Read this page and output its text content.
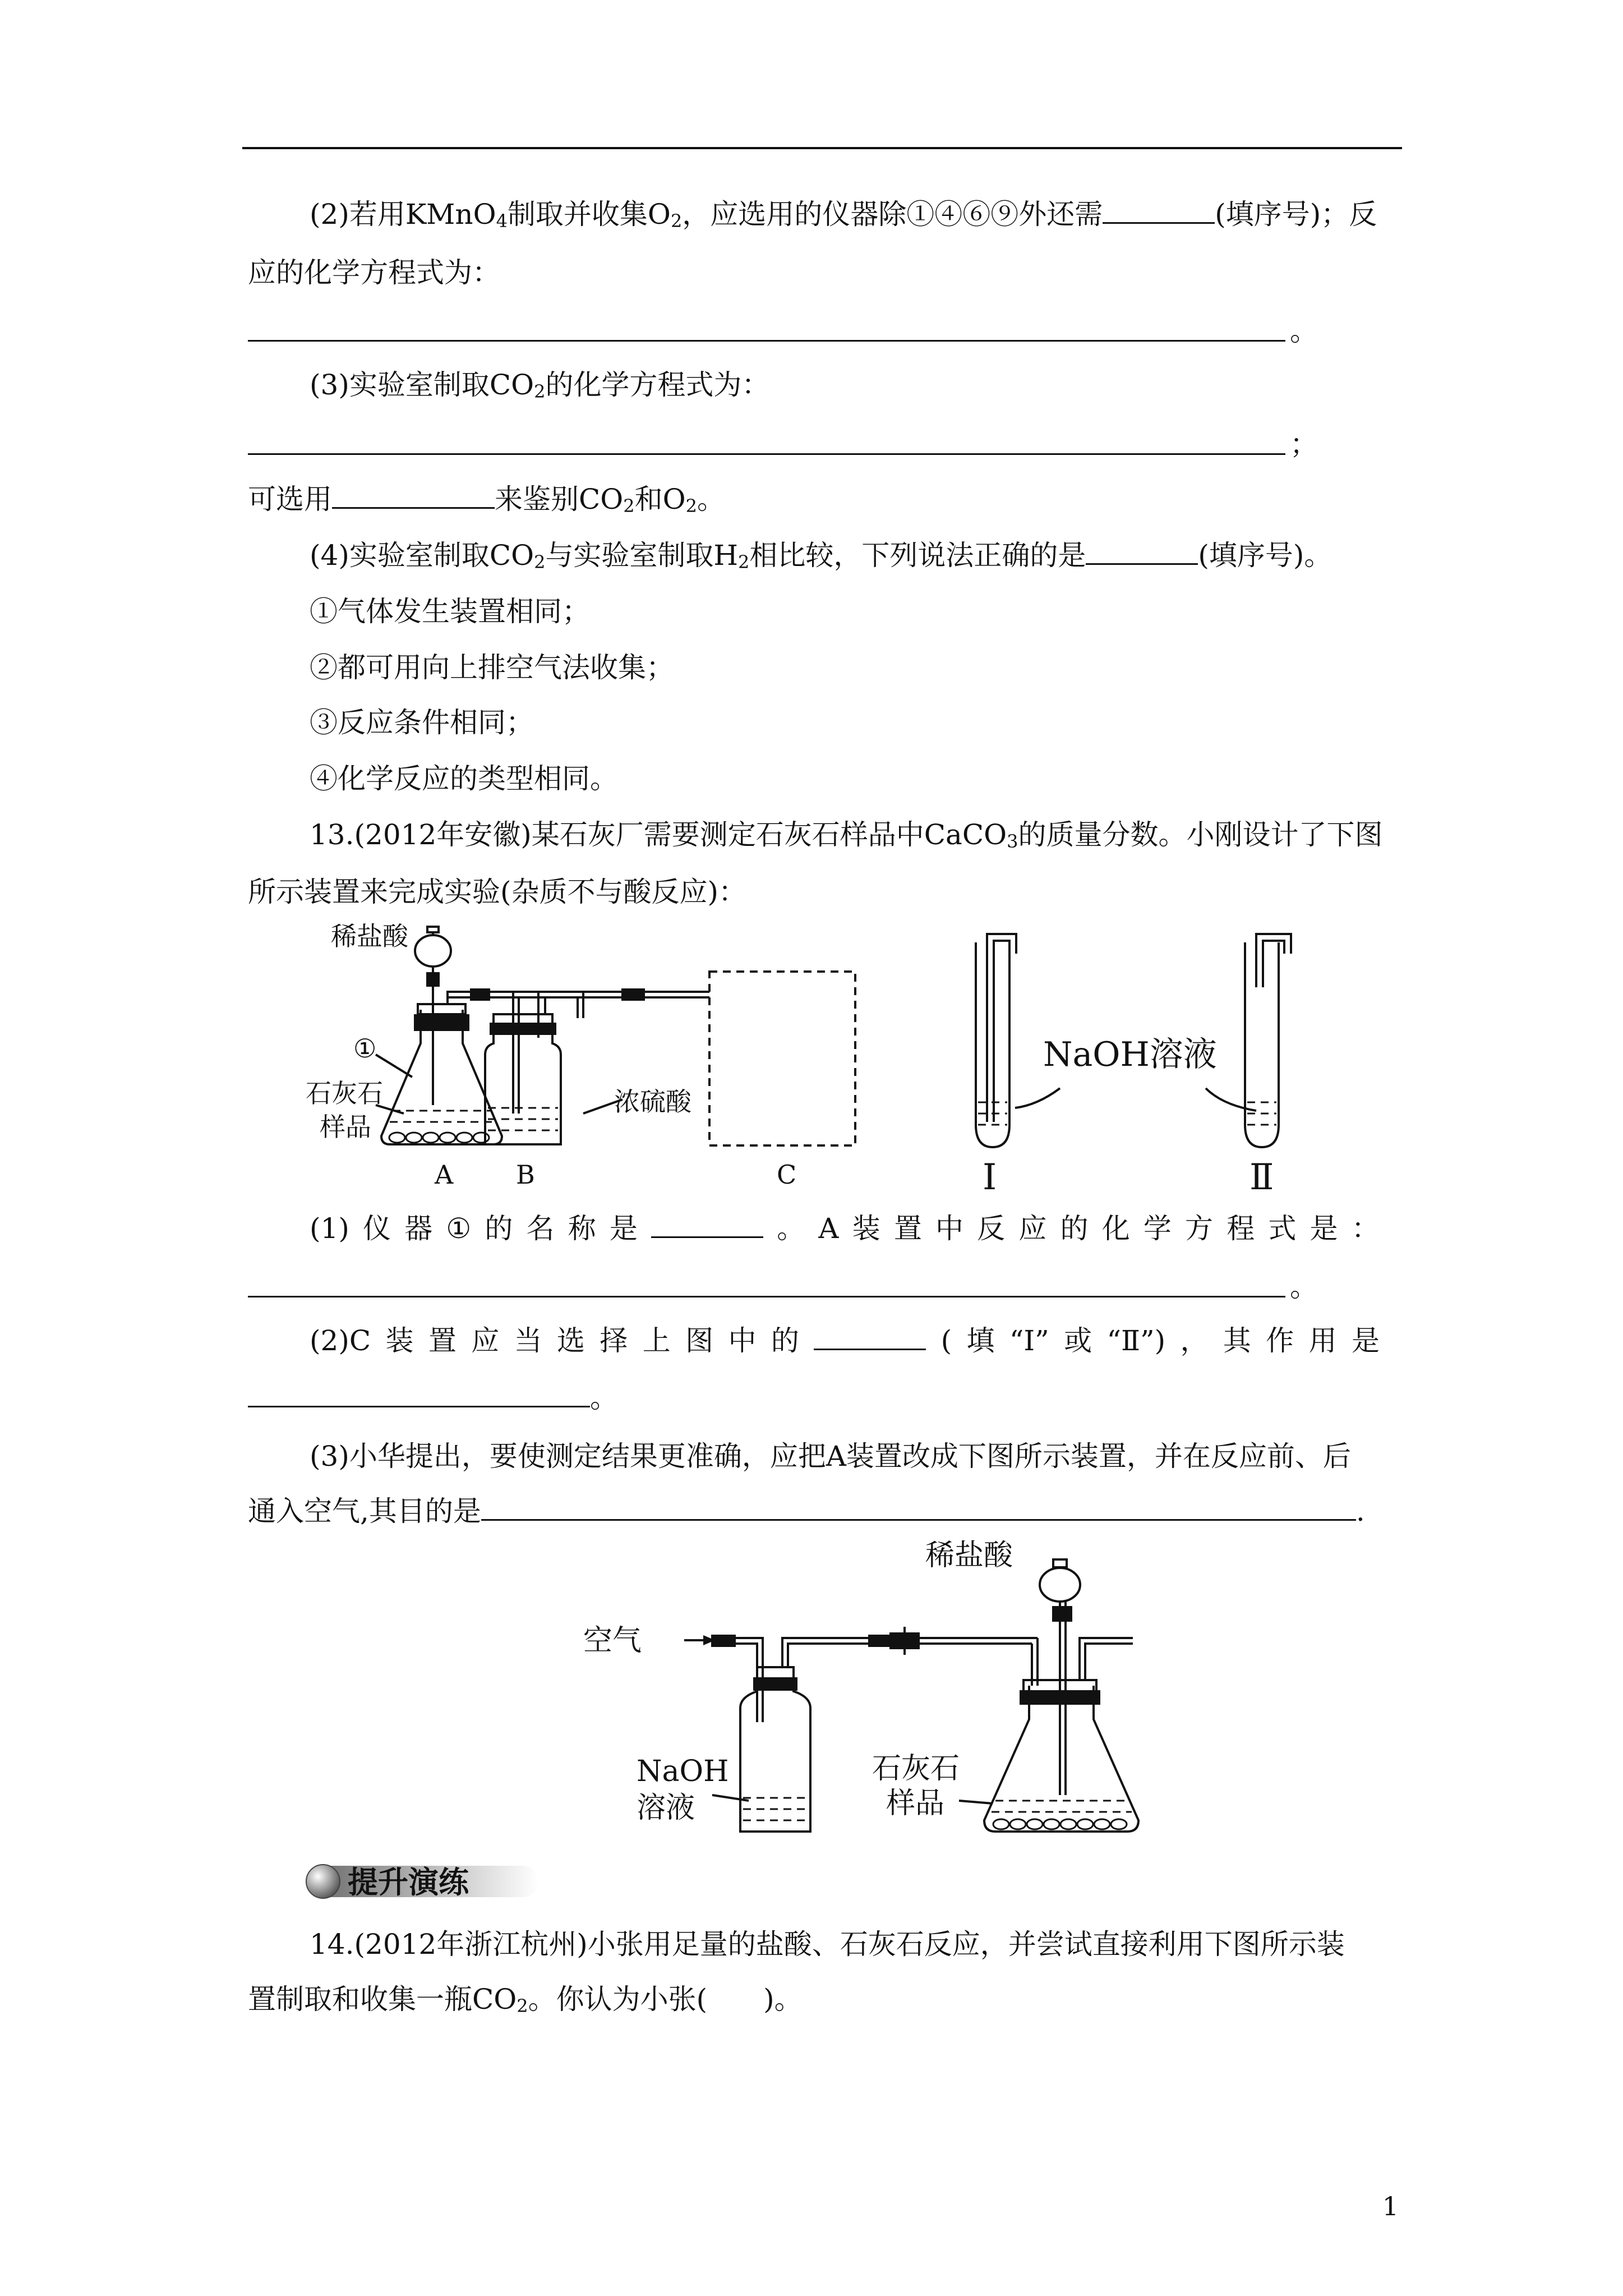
(2)若用KMnO$_4$制取并收集$O_2$，应选用的仪器除①④⑥⑨外还需	(填序号)；反
应的化学方程式为：
。
(3)实验室制取$CO_2$的化学方程式为：
；
可选用	来鉴别$CO_2$和$O_2$。
(4)实验室制取$CO_2$与实验室制取$H_2$相比较，下列说法正确的是	(填序号)。
①气体发生装置相同；
②都可用向上排空气法收集；
③反应条件相同；
④化学反应的类型相同。
13.(2012年安徽)某石灰厂需要测定石灰石样品中CaCO$_3$的质量分数。小刚设计了下图
所示装置来完成实验(杂质不与酸反应)：
稀盐酸
①
石灰石
样品
浓硫酸
A B	C
NaOH溶液
Ⅰ	Ⅱ
(1) 仪 器 ① 的 名 称 是	。 A 装 置 中 反 应 的 化 学 方 程 式 是 ：
。
(2)C 装 置 应 当 选 择 上 图 中 的	( 填 “Ⅰ” 或 “Ⅱ”) ， 其 作 用 是
。
(3)小华提出，要使测定结果更准确，应把A装置改成下图所示装置，并在反应前、后
通入空气,其目的是	.
稀盐酸
空气
NaOH
溶液
石灰石
样品
提升演练
14.(2012年浙江杭州)小张用足量的盐酸、石灰石反应，并尝试直接利用下图所示装
置制取和收集一瓶$CO_2$。你认为小张(　　)。
1
